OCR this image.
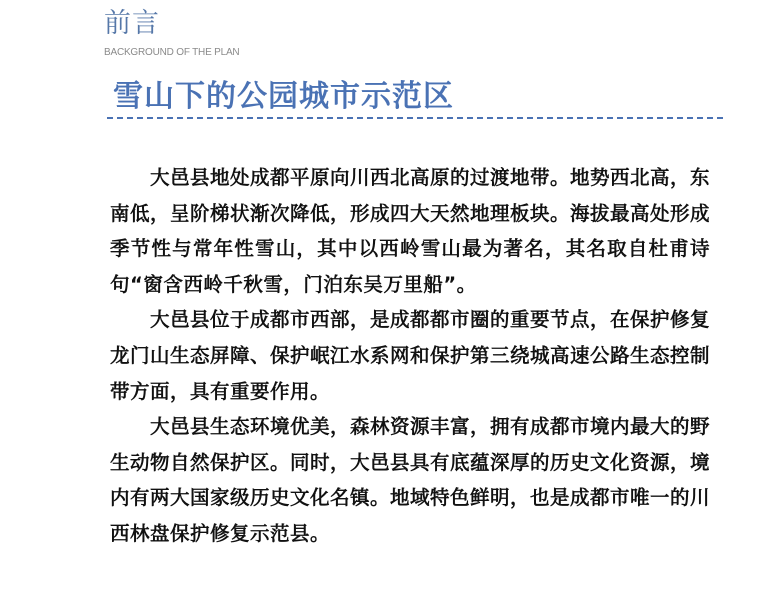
前言
BACKGROUND OF THE PLAN
雪山下的公园城市示范区

大邑县地处成都平原向川西北高原的过渡地带。地势西北高，东南低，呈阶梯状渐次降低，形成四大天然地理板块。海拔最高处形成季节性与常年性雪山，其中以西岭雪山最为著名，其名取自杜甫诗句“窗含西岭千秋雪，门泊东吴万里船”。

大邑县位于成都市西部，是成都都市圈的重要节点，在保护修复龙门山生态屏障、保护岷江水系网和保护第三绕城高速公路生态控制带方面，具有重要作用。

大邑县生态环境优美，森林资源丰富，拥有成都市境内最大的野生动物自然保护区。同时，大邑县具有底蕴深厚的历史文化资源，境内有两大国家级历史文化名镇。地域特色鲜明，也是成都市唯一的川西林盘保护修复示范县。
